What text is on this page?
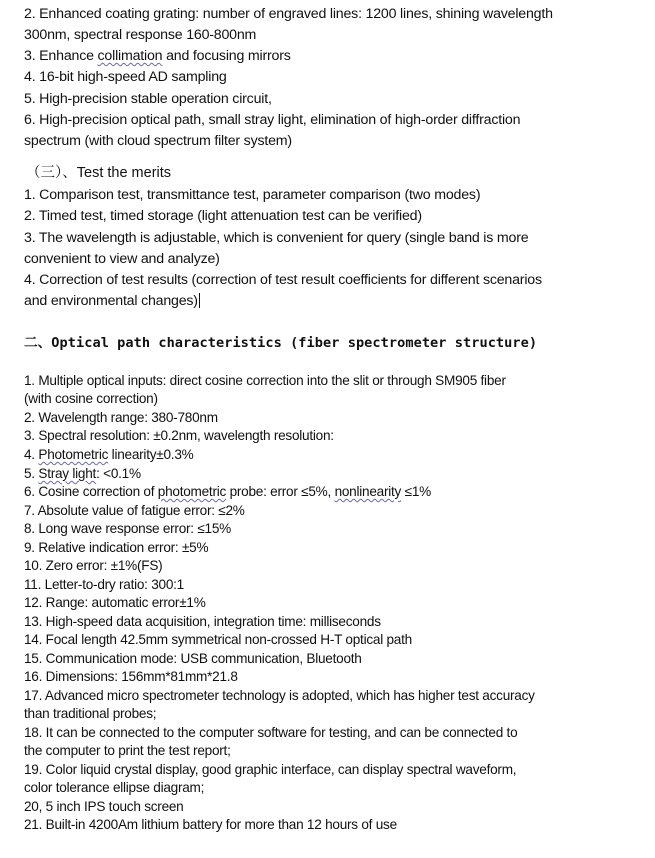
2. Enhanced coating grating: number of engraved lines: 1200 lines, shining wavelength
300nm, spectral response 160-800nm
3. Enhance collimation and focusing mirrors
4. 16-bit high-speed AD sampling
5. High-precision stable operation circuit,
6. High-precision optical path, small stray light, elimination of high-order diffraction
spectrum (with cloud spectrum filter system)
（三）、Test the merits
1. Comparison test, transmittance test, parameter comparison (two modes)
2. Timed test, timed storage (light attenuation test can be verified)
3. The wavelength is adjustable, which is convenient for query (single band is more
convenient to view and analyze)
4. Correction of test results (correction of test result coefficients for different scenarios
and environmental changes)
二、Optical path characteristics (fiber spectrometer structure)
1. Multiple optical inputs: direct cosine correction into the slit or through SM905 fiber
(with cosine correction)
2. Wavelength range: 380-780nm
3. Spectral resolution: ±0.2nm, wavelength resolution:
4. Photometric linearity±0.3%
5. Stray light: <0.1%
6. Cosine correction of photometric probe: error ≤5%, nonlinearity ≤1%
7. Absolute value of fatigue error: ≤2%
8. Long wave response error: ≤15%
9. Relative indication error: ±5%
10. Zero error: ±1%(FS)
11. Letter-to-dry ratio: 300:1
12. Range: automatic error±1%
13. High-speed data acquisition, integration time: milliseconds
14. Focal length 42.5mm symmetrical non-crossed H-T optical path
15. Communication mode: USB communication, Bluetooth
16. Dimensions: 156mm*81mm*21.8
17. Advanced micro spectrometer technology is adopted, which has higher test accuracy
than traditional probes;
18. It can be connected to the computer software for testing, and can be connected to
the computer to print the test report;
19. Color liquid crystal display, good graphic interface, can display spectral waveform,
color tolerance ellipse diagram;
20, 5 inch IPS touch screen
21. Built-in 4200Am lithium battery for more than 12 hours of use
